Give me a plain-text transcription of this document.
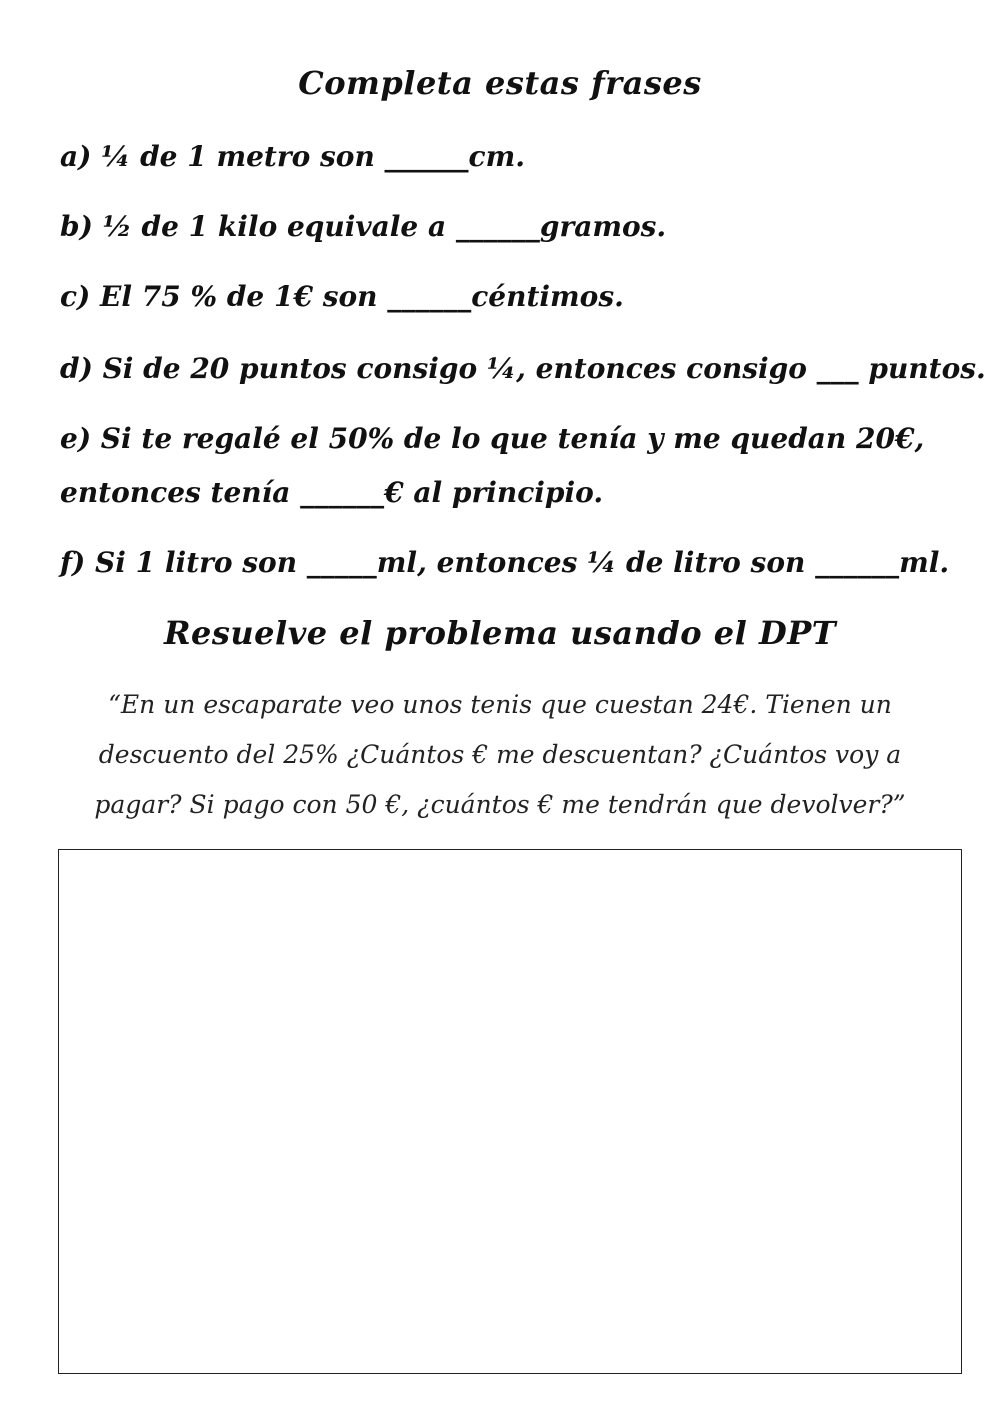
Completa estas frases
a) ¼ de 1 metro son ______cm.
b) ½ de 1 kilo equivale a ______gramos.
c) El 75 % de 1€ son ______céntimos.
d) Si de 20 puntos consigo ¼, entonces consigo ___ puntos.
e) Si te regalé el 50% de lo que tenía y me quedan 20€,
entonces tenía ______€ al principio.
f) Si 1 litro son _____ml, entonces ¼ de litro son ______ml.
Resuelve el problema usando el DPT
“En un escaparate veo unos tenis que cuestan 24€. Tienen un
descuento del 25% ¿Cuántos € me descuentan? ¿Cuántos voy a
pagar? Si pago con 50 €, ¿cuántos € me tendrán que devolver?”
